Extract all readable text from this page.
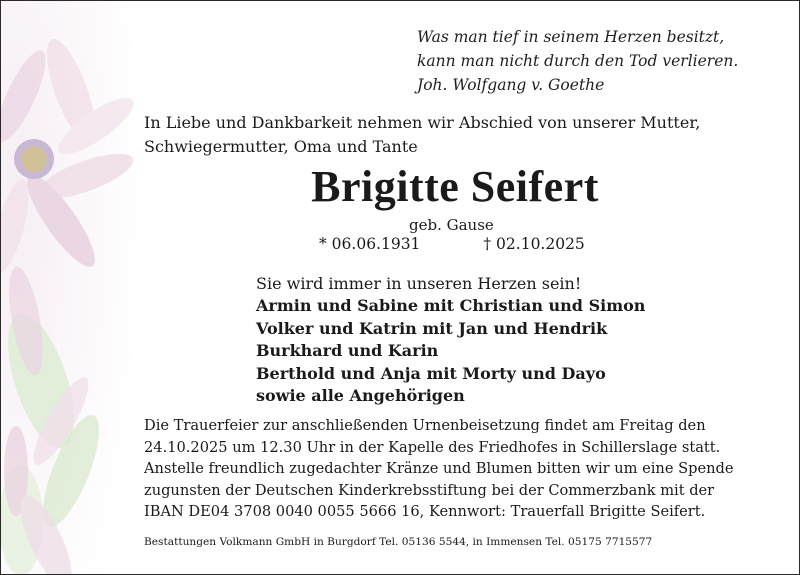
Was man tief in seinem Herzen besitzt,
kann man nicht durch den Tod verlieren.
Joh. Wolfgang v. Goethe
In Liebe und Dankbarkeit nehmen wir Abschied von unserer Mutter,
Schwiegermutter, Oma und Tante
Brigitte Seifert
geb. Gause
* 06.06.1931	† 02.10.2025
Sie wird immer in unseren Herzen sein!
Armin und Sabine mit Christian und Simon
Volker und Katrin mit Jan und Hendrik
Burkhard und Karin
Berthold und Anja mit Morty und Dayo
sowie alle Angehörigen
Die Trauerfeier zur anschließenden Urnenbeisetzung findet am Freitag den
24.10.2025 um 12.30 Uhr in der Kapelle des Friedhofes in Schillerslage statt.
Anstelle freundlich zugedachter Kränze und Blumen bitten wir um eine Spende
zugunsten der Deutschen Kinderkrebsstiftung bei der Commerzbank mit der
IBAN DE04 3708 0040 0055 5666 16, Kennwort: Trauerfall Brigitte Seifert.
Bestattungen Volkmann GmbH in Burgdorf Tel. 05136 5544, in Immensen Tel. 05175 7715577
